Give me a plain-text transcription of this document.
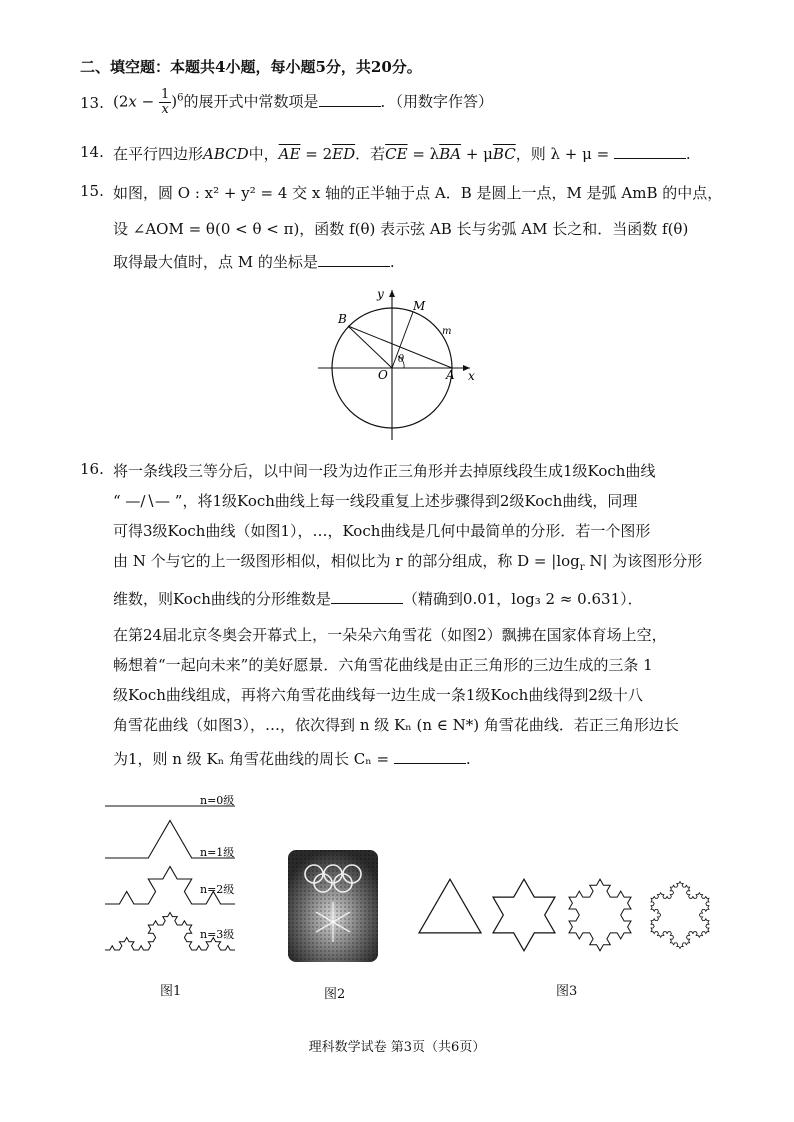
二、填空题：本题共4小题，每小题5分，共20分。
13. $(2x - \frac{1}{x} )^6$的展开式中常数项是	．（用数字作答）
14. 在平行四边形ABCD中，$\overline{AE} = 2\overline{ED}$．若$\overline{CE} = \lambda\overline{BA} + \mu\overline{BC}$，则 λ + μ =	.
15. 如图，圆 O : x² + y² = 4 交 x 轴的正半轴于点 A．B 是圆上一点，M 是弧 AmB 的中点，
设 ∠AOM = θ(0 < θ < π)，函数 f(θ) 表示弦 AB 长与劣弧 AM 长之和．当函数 f(θ)
取得最大值时，点 M 的坐标是	.
y
x
O	A
B
M
m
θ
16. 将一条线段三等分后，以中间一段为边作正三角形并去掉原线段生成1级Koch曲线
“ —∕∖— ”，将1级Koch曲线上每一线段重复上述步骤得到2级Koch曲线，同理
可得3级Koch曲线（如图1），…，Koch曲线是几何中最简单的分形．若一个图形
由 N 个与它的上一级图形相似，相似比为 r 的部分组成，称 $D = |\log_r$ N| 为该图形分形
维数，则Koch曲线的分形维数是	（精确到0.01，log₃ 2 ≈ 0.631）．
在第24届北京冬奥会开幕式上，一朵朵六角雪花（如图2）飘拂在国家体育场上空，
畅想着“一起向未来”的美好愿景．六角雪花曲线是由正三角形的三边生成的三条 1
级Koch曲线组成，再将六角雪花曲线每一边生成一条1级Koch曲线得到2级十八
角雪花曲线（如图3），…，依次得到 n 级 Kₙ (n ∈ N*) 角雪花曲线．若正三角形边长
为1，则 n 级 Kₙ 角雪花曲线的周长 Cₙ =	.
n=0级
n=1级
n=2级
n=3级
图1	图2	图3
理科数学试卷 第3页（共6页）
